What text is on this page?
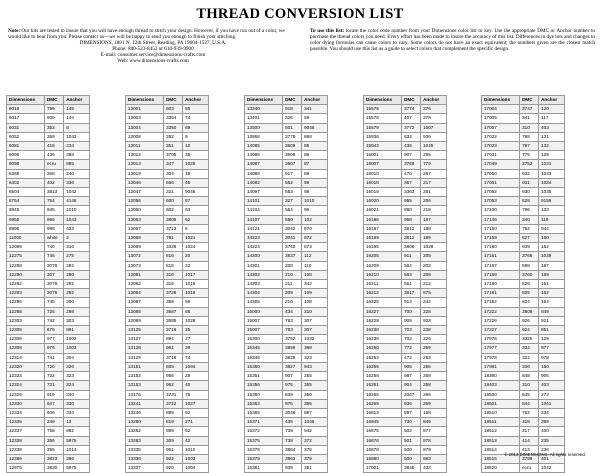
THREAD CONVERSION LIST
Note: Our kits are tested to insure that you will have enough thread to stitch your design. However, if you have run out of a color, we would like to hear from you. Please contact us—we will be happy to send you enough to finish your stitching.
DIMENSIONS, 1801 N. 12th Street, Reading, PA 19604-1527, U.S.A.
Phone: 800-523-8452 or 610-939-9900
E-mail: consumer.service@dimensions-crafts.com
Web: www.dimensions-crafts.com
To use this list: locate the color code number from your Dimensions color list or key. Use the appropriate DMC or Anchor number to purchase the thread colors you need. Every effort has been made to insure the accuracy of this list. Differences in dye lots and changes to color dying formulas can cause colors to vary. Some colors do not have an exact equivalent; the numbers given are the closest match possible. You should use this list as a guide to select colors that complement the specific design.
Dimensions	DMC	Anchor
6016	799	145
6017	809	144
6031	353	8
6052	369	1043
6081	415	234
6096	436	368
6098	ecru	885
6368	368	240
6402	402	336
6504	3813	1042
6754	754	4146
6945	945	1010
6955	955	1043
6996	996	433
11000	white	2
12099	740	316
12275	746	275
12288	3078	292
12290	307	290
12292	3078	292
12293	3078	292
12296	745	300
12298	725	298
12303	742	303
12305	676	891
12306	977	1002
12308	976	1003
12314	741	304
12320	720	326
12323	722	323
12324	721	324
12326	919	340
12330	947	330
12334	606	334
12335	349	13
12337	758	882
12338	356	5975
12339	355	1014
12386	3823	386
12975	3830	5975
Dimensions	DMC	Anchor
13001	603	55
13003	3354	74
13004	3350	69
13008	352	9
13011	351	10
13012	3705	35
13013	347	1025
13019	304	19
13046	666	46
13047	321	9046
13056	600	57
13060	602	63
13063	3805	62
13067	3713	6
13068	761	1021
13069	3328	1024
13072	816	20
13073	815	22
13081	316	1017
13082	315	1019
13084	3726	1018
13087	368	56
13088	3687	68
13089	3685	1028
13125	3716	25
13127	894	27
13128	961	28
13129	3716	74
13151	605	1094
13152	956	28
13153	962	40
13176	3731	76
13241	3722	1027
13246	899	52
13280	819	271
13282	899	52
13283	309	42
13335	951	1010
13336	922	1003
13337	920	1004
Dimensions	DMC	Anchor
13340	918	341
13401	326	59
13500	501	9046
13868	3779	868
14085	3609	85
14086	3608	86
14087	3607	87
14089	917	89
14092	552	99
14097	553	98
14101	327	1010
14104	554	96
14107	550	102
14121	3042	870
14223	3041	872
14224	3740	873
14300	3837	112
14301	208	110
14302	210	108
14303	211	342
14304	209	109
14305	210	108
15000	434	310
15007	783	307
15007	783	307
15300	3752	1032
15345	3856	368
15346	3825	323
15350	3827	943
15351	907	255
15356	975	355
15360	839	360
15363	975	355
15365	3046	887
15371	435	1046
15372	739	942
15375	738	372
15376	3864	376
15379	3863	379
15381	938	381
Dimensions	DMC	Anchor
15576	3774	376
15578	407	378
15579	3772	1007
15936	632	936
15943	436	1045
16001	907	255
16007	3768	779
16010	470	267
16018	367	217
16019	3363	261
16020	955	206
16021	890	218
16186	958	187
16187	3812	188
16189	3812	189
16195	3806	1028
16205	911	205
16209	564	203
16210	563	208
16211	561	212
16212	3817	875
16225	913	242
16227	700	228
16229	909	923
16238	703	238
16239	702	226
16250	772	259
16253	472	253
16256	906	256
16258	987	268
16261	904	258
16266	3347	266
16269	936	269
16813	597	168
16845	730	845
16875	502	877
16876	501	878
16878	500	879
16880	500	683
17001	3845	433
Dimensions	DMC	Anchor
17004	3747	120
17005	341	117
17007	310	403
17022	798	131
17023	797	132
17031	775	128
17049	3752	1031
17050	932	1033
17051	931	1034
17052	930	1035
17053	828	9159
17100	796	133
17146	340	118
17150	792	944
17159	827	160
17160	939	152
17161	3766	1039
17167	598	167
17169	3760	169
17180	826	161
17181	825	162
17182	824	164
17222	3808	849
17226	926	921
17227	924	851
17976	3325	129
17977	334	977
17978	322	978
17981	336	150
18390	848	906
18403	310	403
18500	645	273
18501	844	1041
18510	762	234
18511	318	399
18512	317	400
18513	414	235
18514	413	236
18515	3799	401
18520	ecru	1042
© 2013 DIMENSIONS. All rights reserved.
